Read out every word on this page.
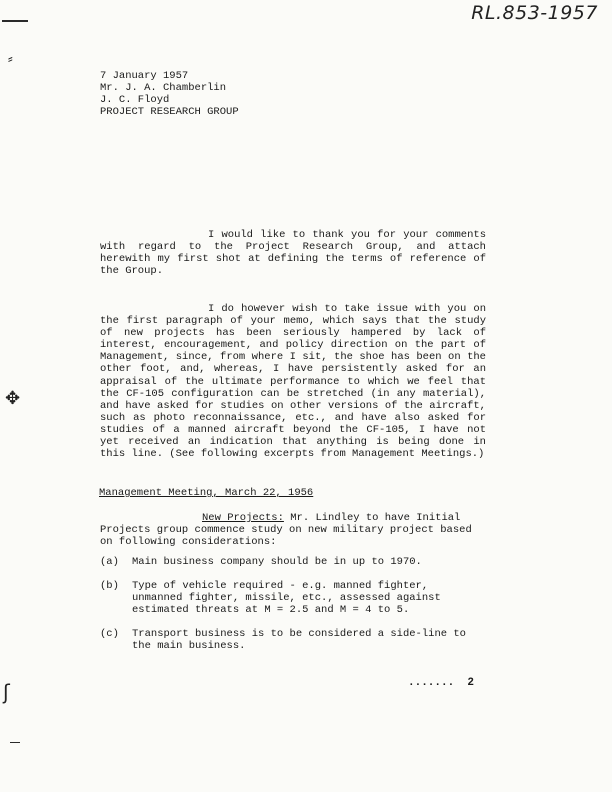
RL.853-1957
⸗
✥
ʃ
7 January 1957
Mr. J. A. Chamberlin
J. C. Floyd
PROJECT RESEARCH GROUP
I would like to thank you for your comments with regard to the Project Research Group, and attach herewith my first shot at defining the terms of reference of the Group.
I do however wish to take issue with you on the first paragraph of your memo, which says that the study of new projects has been seriously hampered by lack of interest, encouragement, and policy direction on the part of Management, since, from where I sit, the shoe has been on the other foot, and, whereas, I have persistently asked for an appraisal of the ultimate performance to which we feel that the CF-105 configuration can be stretched (in any material), and have asked for studies on other versions of the aircraft, such as photo reconnaissance, etc., and have also asked for studies of a manned aircraft beyond the CF-105, I have not yet received an indication that anything is being done in this line. (See following excerpts from Management Meetings.)
Management Meeting, March 22, 1956
New Projects: Mr. Lindley to have Initial Projects group commence study on new military project based on following considerations:
(a)	Main business company should be in up to 1970.
(b)	Type of vehicle required - e.g. manned fighter, unmanned fighter, missile, etc., assessed against estimated threats at M = 2.5 and M = 4 to 5.
(c)	Transport business is to be considered a side-line to the main business.
....... 2
